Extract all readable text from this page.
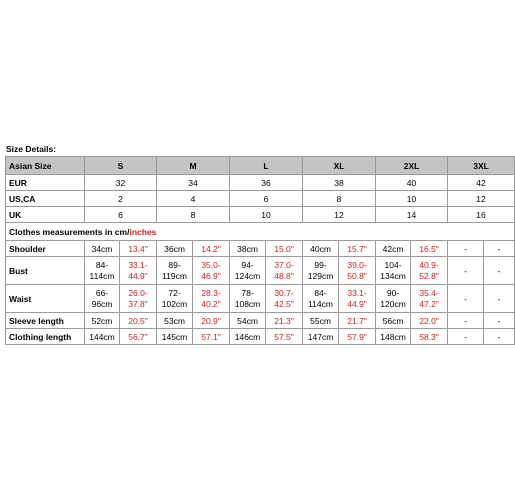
Size Details:
Asian Size	S		M		L		XL		2XL		3XL	
EUR	32		34		36		38		40		42	
US,CA	2		4		6		8		10		12	
UK	6		8		10		12		14		16	
Clothes measurements in cm/inches												
Shoulder	34cm	13.4"	36cm	14.2"	38cm	15.0"	40cm	15.7"	42cm	16.5"	-	-
Bust	84-114cm	33.1-44.9"	89-119cm	35.0-46.9"	94-124cm	37.0-48.8"	99-129cm	39.0-50.8"	104-134cm	40.9-52.8"	-	-
Waist	66-96cm	26.0-37.8"	72-102cm	28.3-40.2"	78-108cm	30.7-42.5"	84-114cm	33.1-44.9"	90-120cm	35.4-47.2"	-	-
Sleeve length	52cm	20.5"	53cm	20.9"	54cm	21.3"	55cm	21.7"	56cm	22.0"	-	-
Clothing length	144cm	56.7"	145cm	57.1"	146cm	57.5"	147cm	57.9"	148cm	58.3"	-	-
